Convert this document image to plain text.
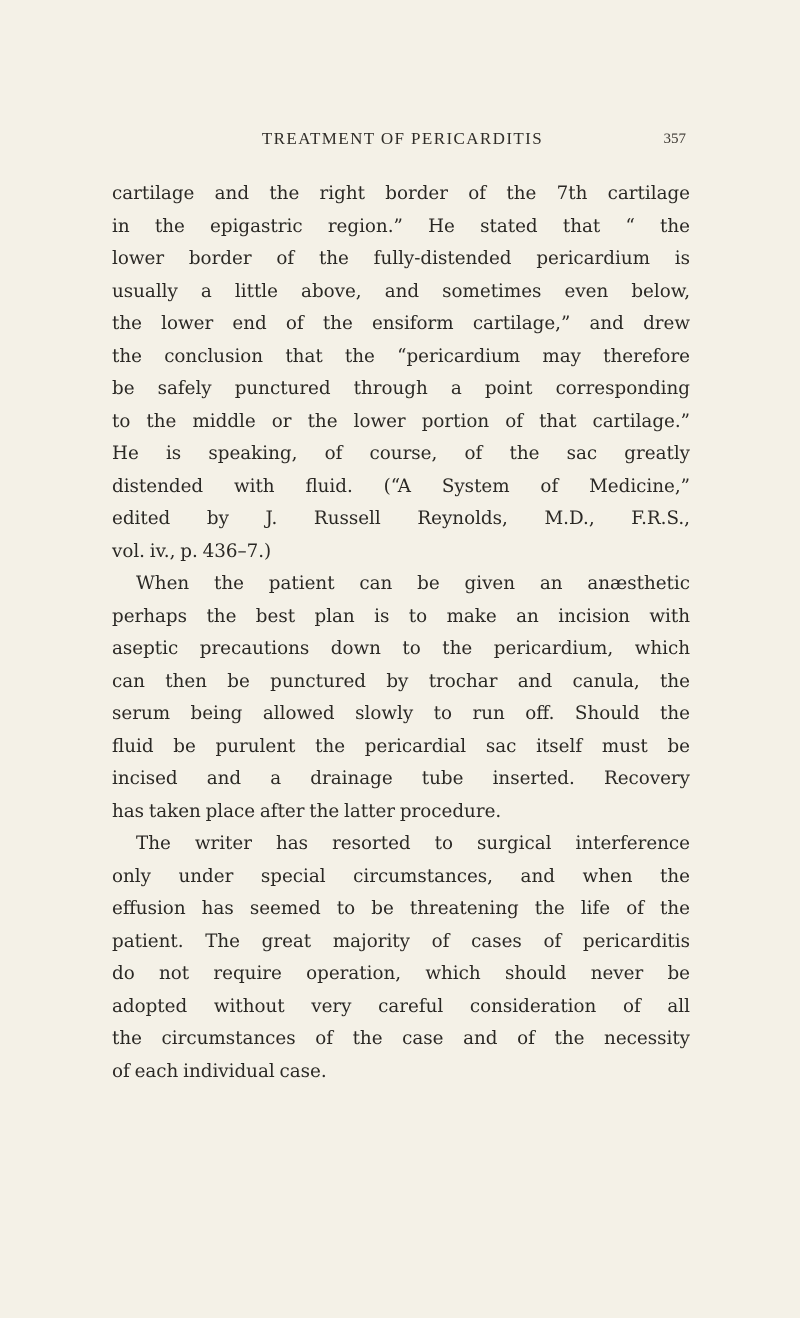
TREATMENT OF PERICARDITIS	357
cartilage and the right border of the 7th cartilage
in the epigastric region.” He stated that “ the
lower border of the fully-distended pericardium is
usually a little above, and sometimes even below,
the lower end of the ensiform cartilage,” and drew
the conclusion that the “pericardium may therefore
be safely punctured through a point corresponding
to the middle or the lower portion of that cartilage.”
He is speaking, of course, of the sac greatly
distended with fluid. (“A System of Medicine,”
edited by J. Russell Reynolds, M.D., F.R.S.,
vol. iv., p. 436–7.)
When the patient can be given an anæsthetic
perhaps the best plan is to make an incision with
aseptic precautions down to the pericardium, which
can then be punctured by trochar and canula, the
serum being allowed slowly to run off. Should the
fluid be purulent the pericardial sac itself must be
incised and a drainage tube inserted. Recovery
has taken place after the latter procedure.
The writer has resorted to surgical interference
only under special circumstances, and when the
effusion has seemed to be threatening the life of the
patient. The great majority of cases of pericarditis
do not require operation, which should never be
adopted without very careful consideration of all
the circumstances of the case and of the necessity
of each individual case.
